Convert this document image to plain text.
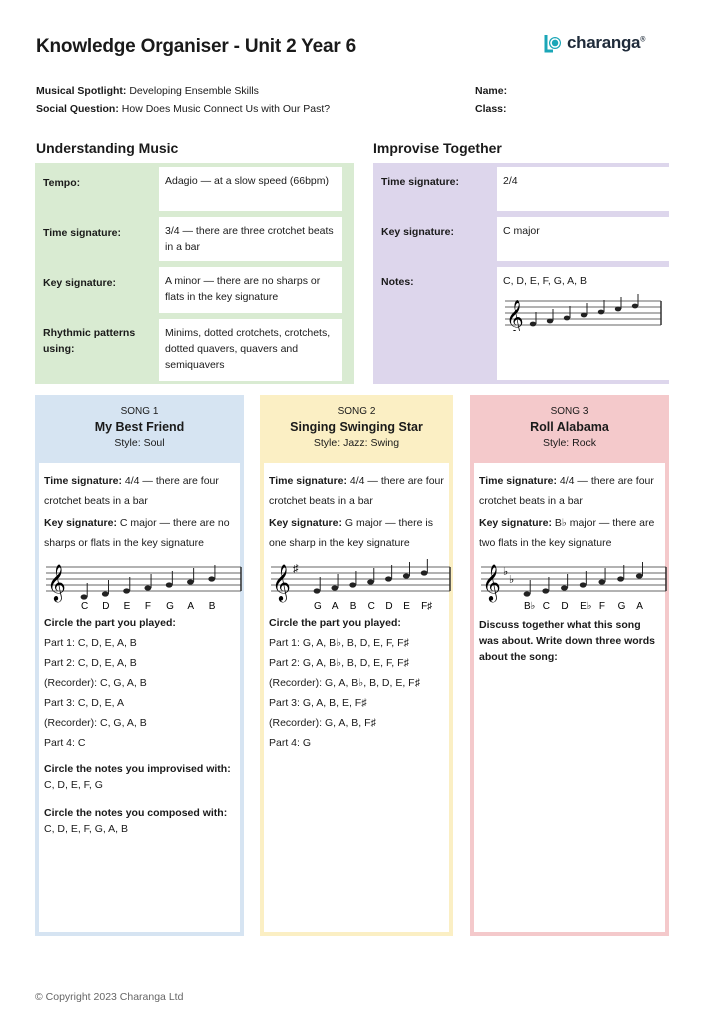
Knowledge Organiser - Unit 2 Year 6	charanga®
Musical Spotlight: Developing Ensemble Skills
Social Question: How Does Music Connect Us with Our Past?
Name:
Class:
Understanding Music
Tempo:	Adagio — at a slow speed (66bpm)
Time signature:	3/4 — there are three crotchet beats in a bar
Key signature:	A minor — there are no sharps or flats in the key signature
Rhythmic patterns using:
Minims, dotted crotchets, crotchets, dotted quavers, quavers and semiquavers
Improvise Together
Time signature:	2/4
Key signature:	C major
Notes:	C, D, E, F, G, A, B
𝄞
SONG 1
My Best Friend
Style: Soul
Time signature: 4/4 — there are four crotchet beats in a bar
Key signature: C major — there are no sharps or flats in the key signature
𝄞
C D E F G A B
Circle the part you played:
Part 1: C, D, E, A, B
Part 2: C, D, E, A, B
(Recorder): C, G, A, B
Part 3: C, D, E, A
(Recorder): C, G, A, B
Part 4: C
Circle the notes you improvised with:
C, D, E, F, G
Circle the notes you composed with:
C, D, E, F, G, A, B
SONG 2
Singing Swinging Star
Style: Jazz: Swing
Time signature: 4/4 — there are four crotchet beats in a bar
Key signature: G major — there is one sharp in the key signature
𝄞 ♯
G A B C D E F♯
Circle the part you played:
Part 1: G, A, B♭, B, D, E, F, F♯
Part 2: G, A, B♭, B, D, E, F, F♯
(Recorder): G, A, B♭, B, D, E, F♯
Part 3: G, A, B, E, F♯
(Recorder): G, A, B, F♯
Part 4: G
SONG 3
Roll Alabama
Style: Rock
Time signature: 4/4 — there are four crotchet beats in a bar
Key signature: B♭ major — there are two flats in the key signature
𝄞 ♭
♭
B♭ C D E♭ F G A
Discuss together what this song was about. Write down three words about the song:
© Copyright 2023 Charanga Ltd
